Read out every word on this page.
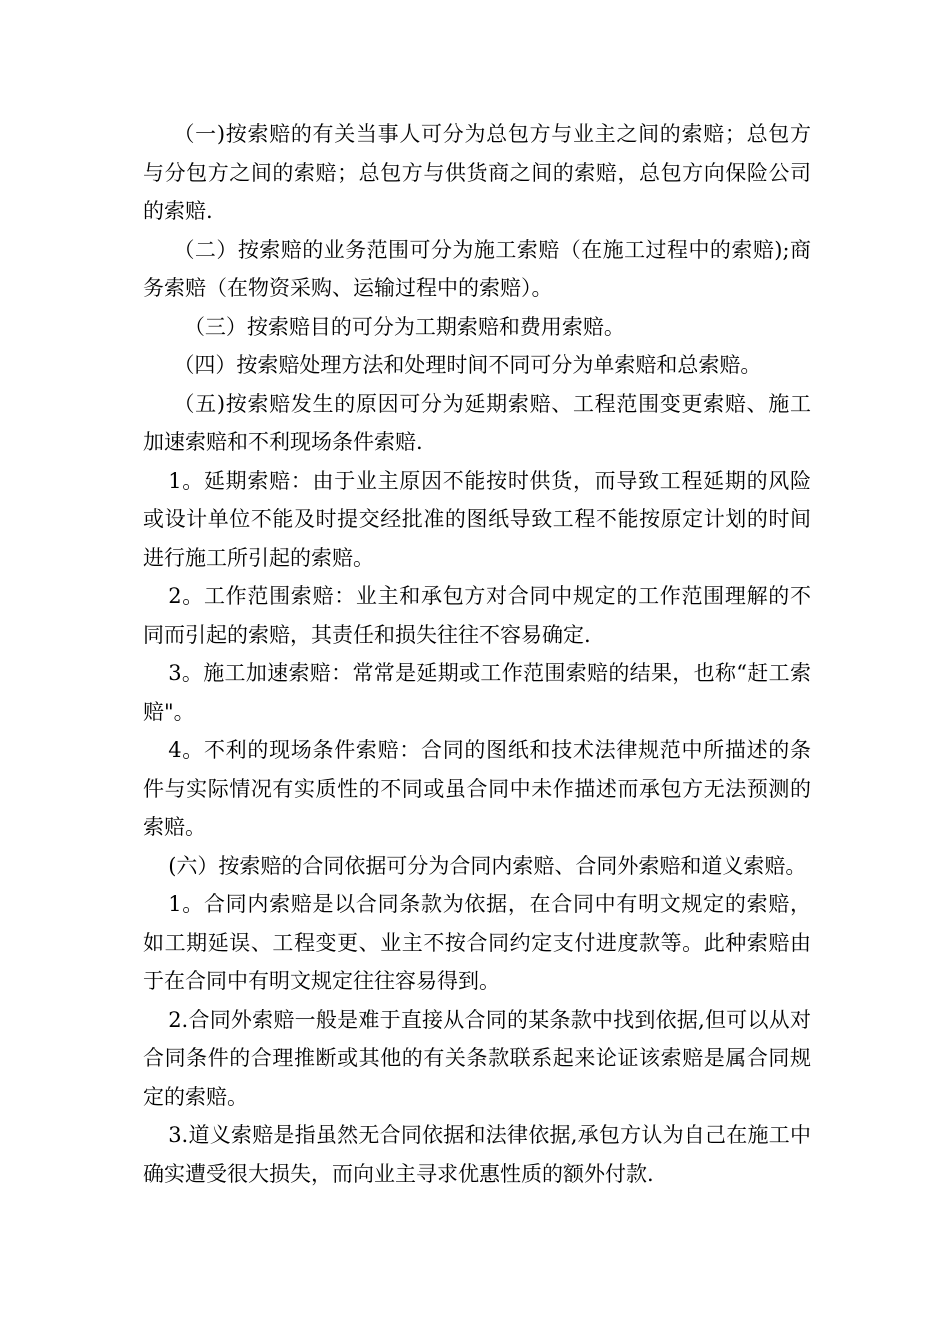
（一)按索赔的有关当事人可分为总包方与业主之间的索赔；总包方与分包方之间的索赔；总包方与供货商之间的索赔，总包方向保险公司的索赔.

（二）按索赔的业务范围可分为施工索赔（在施工过程中的索赔);商务索赔（在物资采购、运输过程中的索赔）。

（三）按索赔目的可分为工期索赔和费用索赔。

（四）按索赔处理方法和处理时间不同可分为单索赔和总索赔。

（五)按索赔发生的原因可分为延期索赔、工程范围变更索赔、施工加速索赔和不利现场条件索赔.

1。延期索赔：由于业主原因不能按时供货，而导致工程延期的风险或设计单位不能及时提交经批准的图纸导致工程不能按原定计划的时间进行施工所引起的索赔。

2。工作范围索赔：业主和承包方对合同中规定的工作范围理解的不同而引起的索赔，其责任和损失往往不容易确定.

3。施工加速索赔：常常是延期或工作范围索赔的结果，也称“赶工索赔"。

4。不利的现场条件索赔：合同的图纸和技术法律规范中所描述的条件与实际情况有实质性的不同或虽合同中未作描述而承包方无法预测的索赔。

(六）按索赔的合同依据可分为合同内索赔、合同外索赔和道义索赔。

1。合同内索赔是以合同条款为依据，在合同中有明文规定的索赔，如工期延误、工程变更、业主不按合同约定支付进度款等。此种索赔由于在合同中有明文规定往往容易得到。

2.合同外索赔一般是难于直接从合同的某条款中找到依据,但可以从对合同条件的合理推断或其他的有关条款联系起来论证该索赔是属合同规定的索赔。

3.道义索赔是指虽然无合同依据和法律依据,承包方认为自己在施工中确实遭受很大损失，而向业主寻求优惠性质的额外付款.
